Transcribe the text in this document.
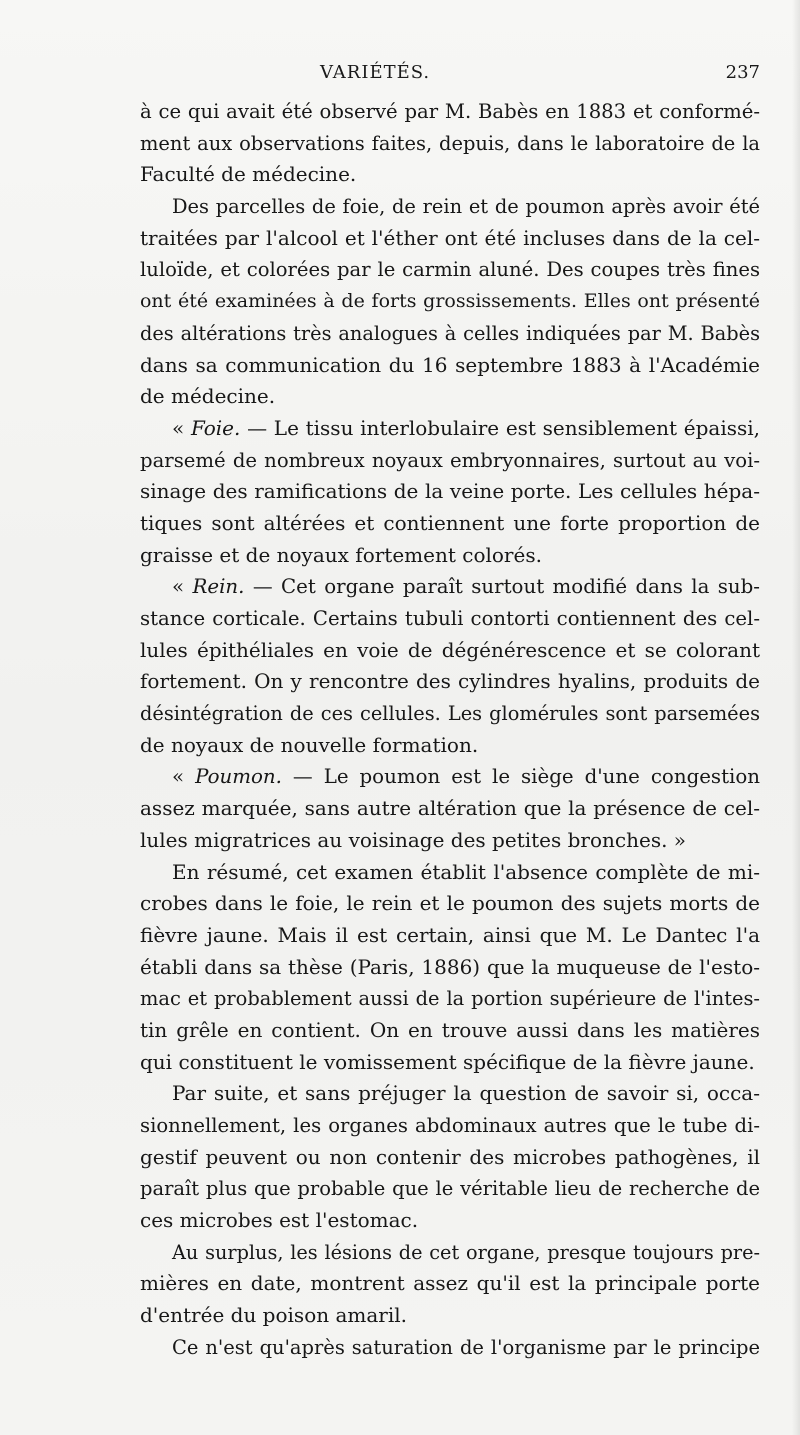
VARIÉTÉS.	237
à ce qui avait été observé par M. Babès en 1883 et conformé-
ment aux observations faites, depuis, dans le laboratoire de la
Faculté de médecine.
Des parcelles de foie, de rein et de poumon après avoir été
traitées par l'alcool et l'éther ont été incluses dans de la cel-
luloïde, et colorées par le carmin aluné. Des coupes très fines
ont été examinées à de forts grossissements. Elles ont présenté
des altérations très analogues à celles indiquées par M. Babès
dans sa communication du 16 septembre 1883 à l'Académie
de médecine.
« Foie. — Le tissu interlobulaire est sensiblement épaissi,
parsemé de nombreux noyaux embryonnaires, surtout au voi-
sinage des ramifications de la veine porte. Les cellules hépa-
tiques sont altérées et contiennent une forte proportion de
graisse et de noyaux fortement colorés.
« Rein. — Cet organe paraît surtout modifié dans la sub-
stance corticale. Certains tubuli contorti contiennent des cel-
lules épithéliales en voie de dégénérescence et se colorant
fortement. On y rencontre des cylindres hyalins, produits de
désintégration de ces cellules. Les glomérules sont parsemées
de noyaux de nouvelle formation.
« Poumon. — Le poumon est le siège d'une congestion
assez marquée, sans autre altération que la présence de cel-
lules migratrices au voisinage des petites bronches. »
En résumé, cet examen établit l'absence complète de mi-
crobes dans le foie, le rein et le poumon des sujets morts de
fièvre jaune. Mais il est certain, ainsi que M. Le Dantec l'a
établi dans sa thèse (Paris, 1886) que la muqueuse de l'esto-
mac et probablement aussi de la portion supérieure de l'intes-
tin grêle en contient. On en trouve aussi dans les matières
qui constituent le vomissement spécifique de la fièvre jaune.
Par suite, et sans préjuger la question de savoir si, occa-
sionnellement, les organes abdominaux autres que le tube di-
gestif peuvent ou non contenir des microbes pathogènes, il
paraît plus que probable que le véritable lieu de recherche de
ces microbes est l'estomac.
Au surplus, les lésions de cet organe, presque toujours pre-
mières en date, montrent assez qu'il est la principale porte
d'entrée du poison amaril.
Ce n'est qu'après saturation de l'organisme par le principe
